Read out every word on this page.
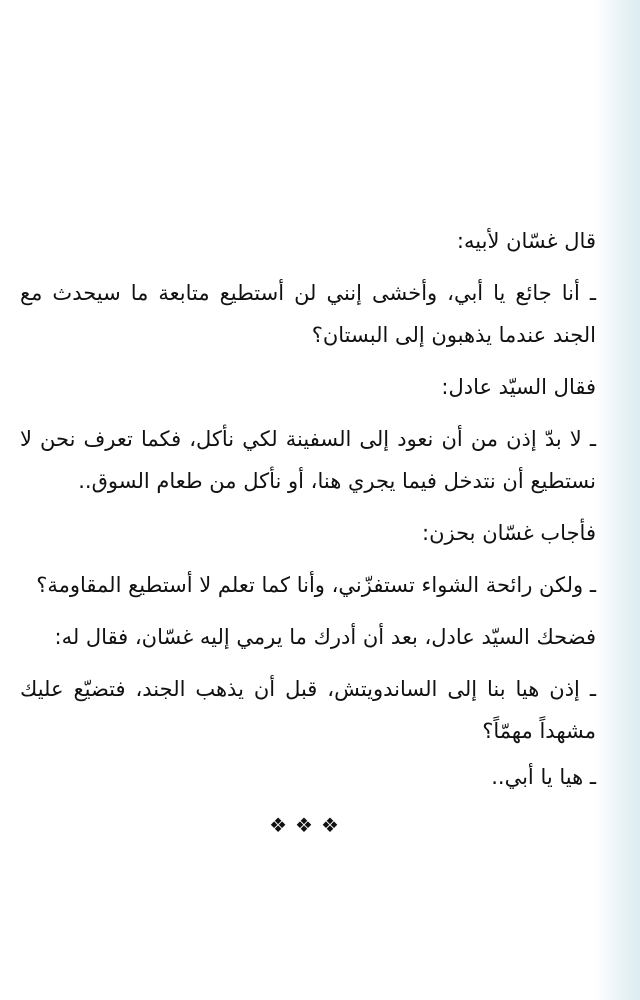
قال غسّان لأبيه:

ـ أنا جائع يا أبي، وأخشى إنني لن أستطيع متابعة ما سيحدث مع الجند عندما يذهبون إلى البستان؟

فقال السيّد عادل:

ـ لا بدّ إذن من أن نعود إلى السفينة لكي نأكل، فكما تعرف نحن لا نستطيع أن نتدخل فيما يجري هنا، أو نأكل من طعام السوق..

فأجاب غسّان بحزن:

ـ ولكن رائحة الشواء تستفزّني، وأنا كما تعلم لا أستطيع المقاومة؟

فضحك السيّد عادل، بعد أن أدرك ما يرمي إليه غسّان، فقال له:

ـ إذن هيا بنا إلى الساندويتش، قبل أن يذهب الجند، فتضيّع عليك مشهداً مهمّاً؟

ـ هيا يا أبي..

❖❖❖
